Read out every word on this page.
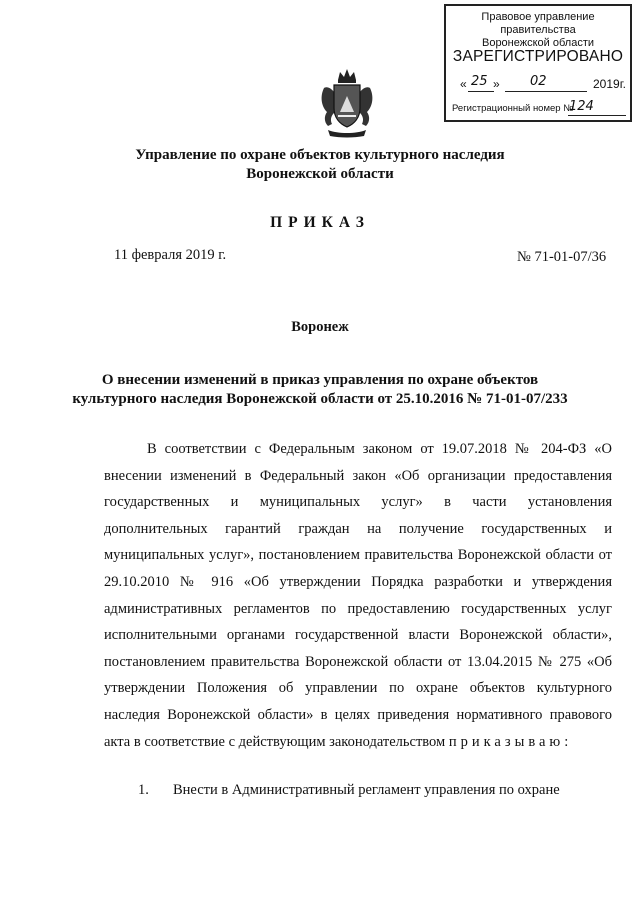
Правовое управление правительства
Воронежской области
ЗАРЕГИСТРИРОВАНО
« 25 » 02	2019г.
Регистрационный номер №
124
Управление по охране объектов культурного наследия
Воронежской области
ПРИКАЗ
11 февраля 2019 г.	№ 71-01-07/36
Воронеж
О внесении изменений в приказ управления по охране объектов
культурного наследия Воронежской области от 25.10.2016 № 71-01-07/233

В соответствии с Федеральным законом от 19.07.2018 № 204-ФЗ «О внесении изменений в Федеральный закон «Об организации предоставления государственных и муниципальных услуг» в части установления дополнительных гарантий граждан на получение государственных и муниципальных услуг», постановлением правительства Воронежской области от 29.10.2010 № 916 «Об утверждении Порядка разработки и утверждения административных регламентов по предоставлению государственных услуг исполнительными органами государственной власти Воронежской области», постановлением правительства Воронежской области от 13.04.2015 № 275 «Об утверждении Положения об управлении по охране объектов культурного наследия Воронежской области» в целях приведения нормативного правового акта в соответствие с действующим законодательством приказываю:

1.	Внести в Административный регламент управления по охране
